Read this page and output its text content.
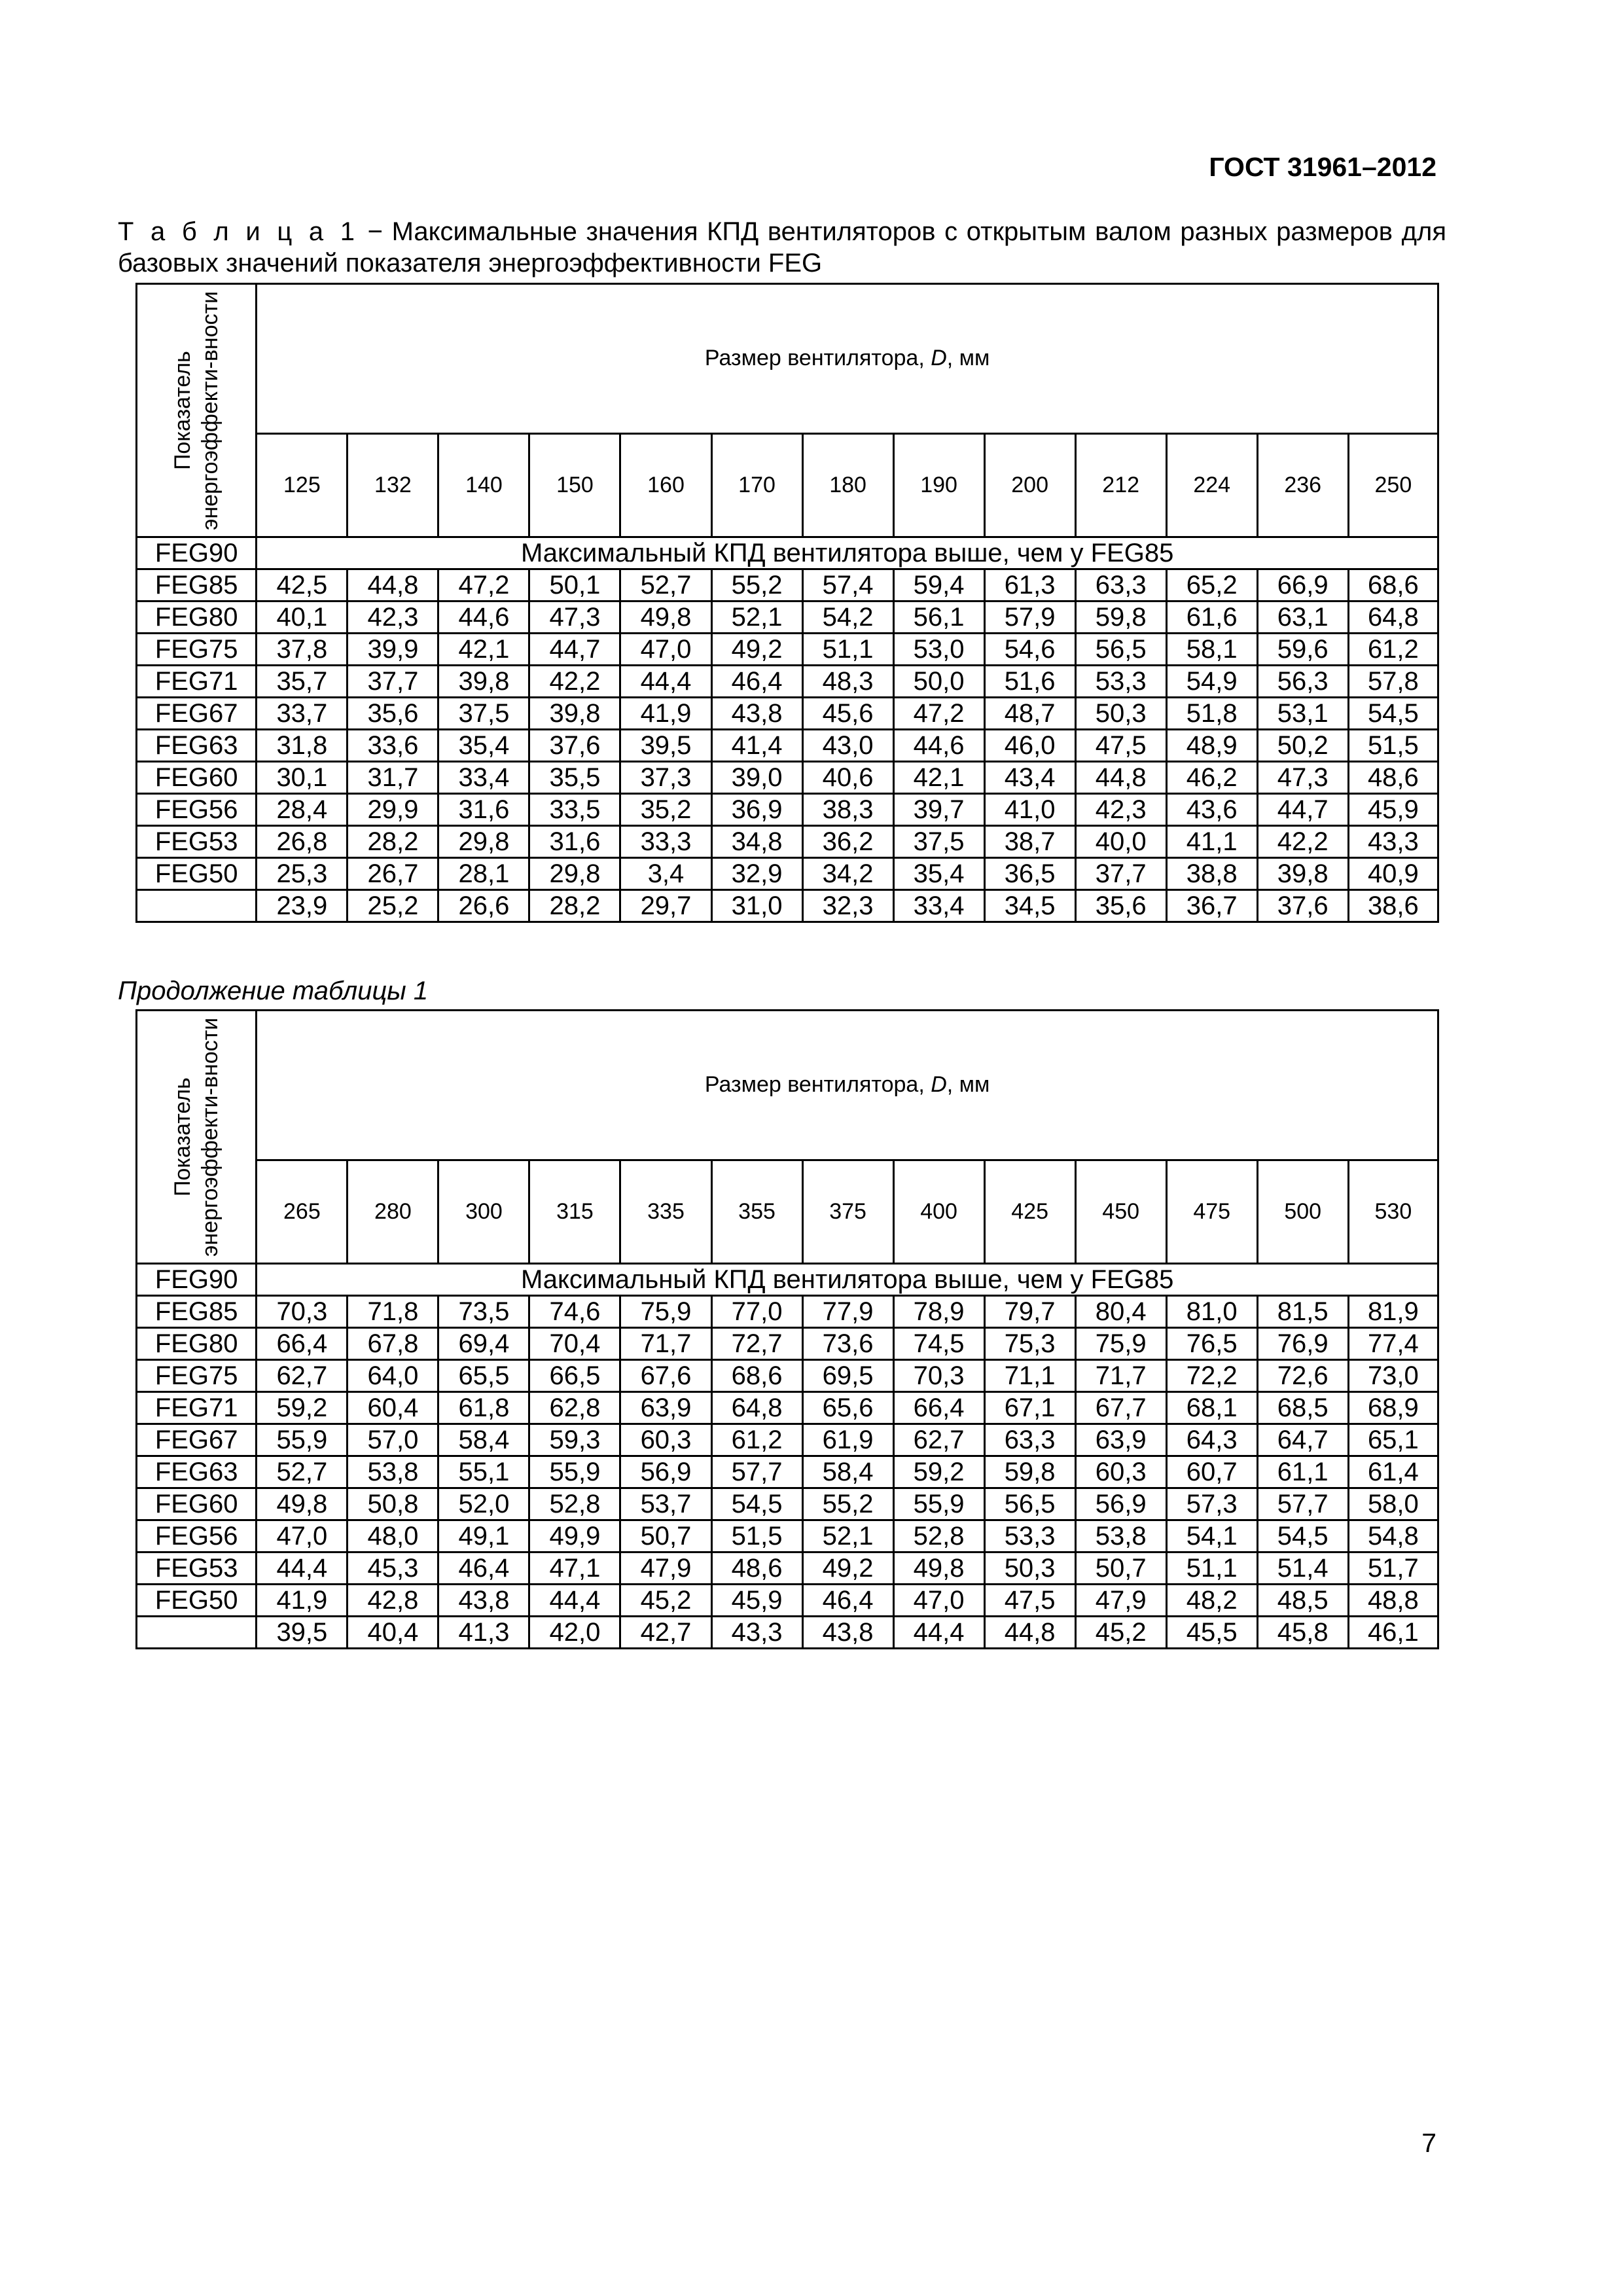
ГОСТ 31961–2012
Т а б л и ц а 1 − Максимальные значения КПД вентиляторов с открытым валом разных размеров для базовых значений показателя энергоэффективности FEG
Показатель энергоэффекти-вности	Размер вентилятора, D, мм												
	125	132	140	150	160	170	180	190	200	212	224	236	250
FEG90	Максимальный КПД вентилятора выше, чем у FEG85												
FEG85	42,5	44,8	47,2	50,1	52,7	55,2	57,4	59,4	61,3	63,3	65,2	66,9	68,6
FEG80	40,1	42,3	44,6	47,3	49,8	52,1	54,2	56,1	57,9	59,8	61,6	63,1	64,8
FEG75	37,8	39,9	42,1	44,7	47,0	49,2	51,1	53,0	54,6	56,5	58,1	59,6	61,2
FEG71	35,7	37,7	39,8	42,2	44,4	46,4	48,3	50,0	51,6	53,3	54,9	56,3	57,8
FEG67	33,7	35,6	37,5	39,8	41,9	43,8	45,6	47,2	48,7	50,3	51,8	53,1	54,5
FEG63	31,8	33,6	35,4	37,6	39,5	41,4	43,0	44,6	46,0	47,5	48,9	50,2	51,5
FEG60	30,1	31,7	33,4	35,5	37,3	39,0	40,6	42,1	43,4	44,8	46,2	47,3	48,6
FEG56	28,4	29,9	31,6	33,5	35,2	36,9	38,3	39,7	41,0	42,3	43,6	44,7	45,9
FEG53	26,8	28,2	29,8	31,6	33,3	34,8	36,2	37,5	38,7	40,0	41,1	42,2	43,3
FEG50	25,3	26,7	28,1	29,8	3,4	32,9	34,2	35,4	36,5	37,7	38,8	39,8	40,9
	23,9	25,2	26,6	28,2	29,7	31,0	32,3	33,4	34,5	35,6	36,7	37,6	38,6
Продолжение таблицы 1
Показатель энергоэффекти-вности	Размер вентилятора, D, мм												
	265	280	300	315	335	355	375	400	425	450	475	500	530
FEG90	Максимальный КПД вентилятора выше, чем у FEG85												
FEG85	70,3	71,8	73,5	74,6	75,9	77,0	77,9	78,9	79,7	80,4	81,0	81,5	81,9
FEG80	66,4	67,8	69,4	70,4	71,7	72,7	73,6	74,5	75,3	75,9	76,5	76,9	77,4
FEG75	62,7	64,0	65,5	66,5	67,6	68,6	69,5	70,3	71,1	71,7	72,2	72,6	73,0
FEG71	59,2	60,4	61,8	62,8	63,9	64,8	65,6	66,4	67,1	67,7	68,1	68,5	68,9
FEG67	55,9	57,0	58,4	59,3	60,3	61,2	61,9	62,7	63,3	63,9	64,3	64,7	65,1
FEG63	52,7	53,8	55,1	55,9	56,9	57,7	58,4	59,2	59,8	60,3	60,7	61,1	61,4
FEG60	49,8	50,8	52,0	52,8	53,7	54,5	55,2	55,9	56,5	56,9	57,3	57,7	58,0
FEG56	47,0	48,0	49,1	49,9	50,7	51,5	52,1	52,8	53,3	53,8	54,1	54,5	54,8
FEG53	44,4	45,3	46,4	47,1	47,9	48,6	49,2	49,8	50,3	50,7	51,1	51,4	51,7
FEG50	41,9	42,8	43,8	44,4	45,2	45,9	46,4	47,0	47,5	47,9	48,2	48,5	48,8
	39,5	40,4	41,3	42,0	42,7	43,3	43,8	44,4	44,8	45,2	45,5	45,8	46,1
7
